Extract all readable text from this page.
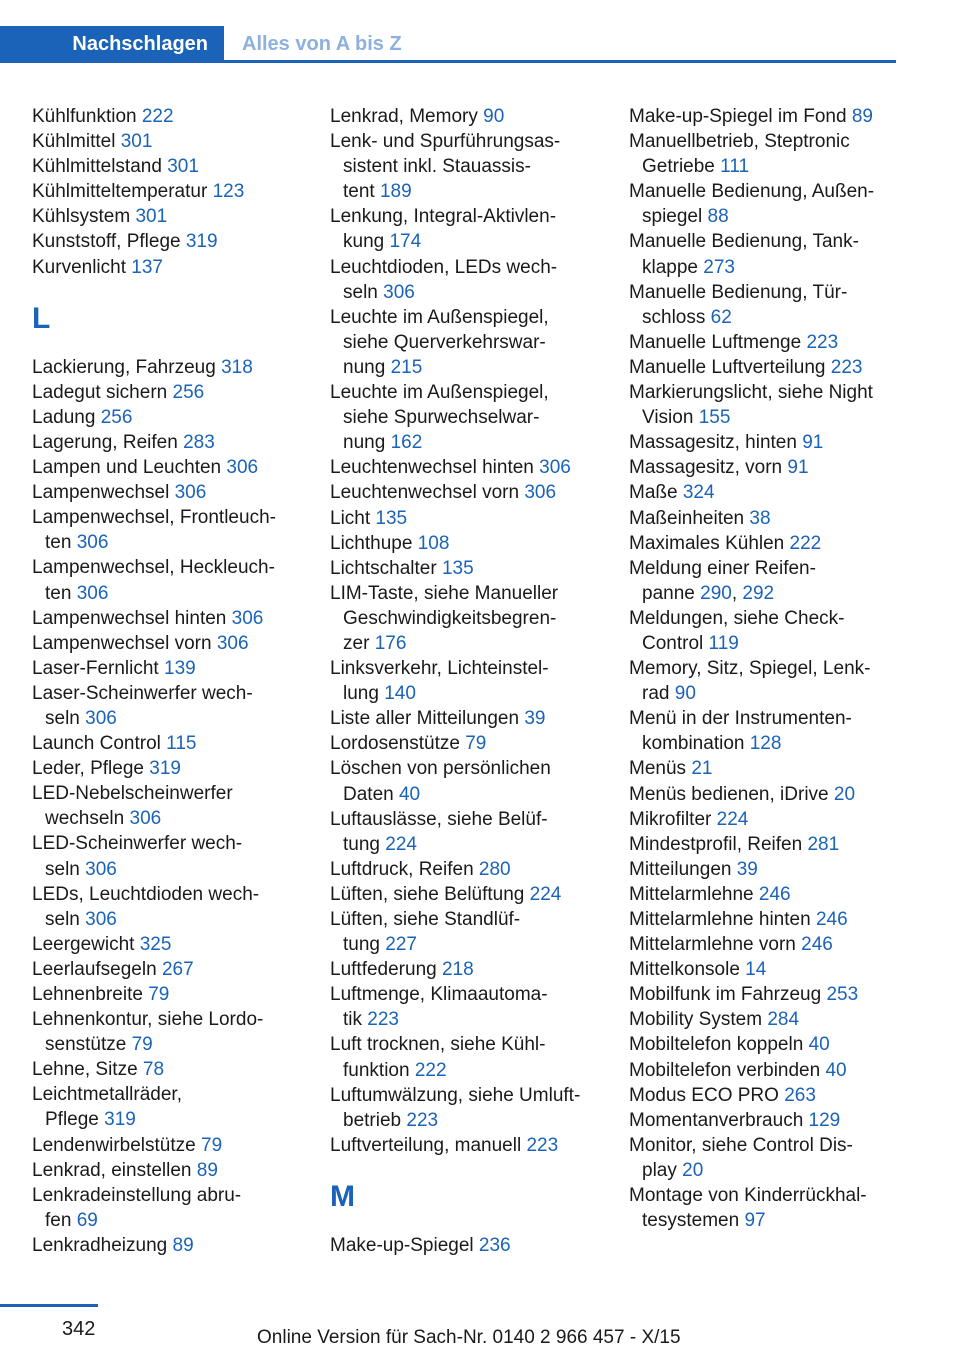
Nachschlagen Alles von A bis Z
Kühlfunktion 222
Kühlmittel 301
Kühlmittelstand 301
Kühlmitteltemperatur 123
Kühlsystem 301
Kunststoff, Pflege 319
Kurvenlicht 137
L
Lackierung, Fahrzeug 318
Ladegut sichern 256
Ladung 256
Lagerung, Reifen 283
Lampen und Leuchten 306
Lampenwechsel 306
Lampenwechsel, Frontleuch-
ten 306
Lampenwechsel, Heckleuch-
ten 306
Lampenwechsel hinten 306
Lampenwechsel vorn 306
Laser-Fernlicht 139
Laser-Scheinwerfer wech-
seln 306
Launch Control 115
Leder, Pflege 319
LED-Nebelscheinwerfer
wechseln 306
LED-Scheinwerfer wech-
seln 306
LEDs, Leuchtdioden wech-
seln 306
Leergewicht 325
Leerlaufsegeln 267
Lehnenbreite 79
Lehnenkontur, siehe Lordo-
senstütze 79
Lehne, Sitze 78
Leichtmetallräder,
Pflege 319
Lendenwirbelstütze 79
Lenkrad, einstellen 89
Lenkradeinstellung abru-
fen 69
Lenkradheizung 89
Lenkrad, Memory 90
Lenk- und Spurführungsas-
sistent inkl. Stauassis-
tent 189
Lenkung, Integral-Aktivlen-
kung 174
Leuchtdioden, LEDs wech-
seln 306
Leuchte im Außenspiegel,
siehe Querverkehrswar-
nung 215
Leuchte im Außenspiegel,
siehe Spurwechselwar-
nung 162
Leuchtenwechsel hinten 306
Leuchtenwechsel vorn 306
Licht 135
Lichthupe 108
Lichtschalter 135
LIM-Taste, siehe Manueller
Geschwindigkeitsbegren-
zer 176
Linksverkehr, Lichteinstel-
lung 140
Liste aller Mitteilungen 39
Lordosenstütze 79
Löschen von persönlichen
Daten 40
Luftauslässe, siehe Belüf-
tung 224
Luftdruck, Reifen 280
Lüften, siehe Belüftung 224
Lüften, siehe Standlüf-
tung 227
Luftfederung 218
Luftmenge, Klimaautoma-
tik 223
Luft trocknen, siehe Kühl-
funktion 222
Luftumwälzung, siehe Umluft-
betrieb 223
Luftverteilung, manuell 223
M
Make-up-Spiegel 236
Make-up-Spiegel im Fond 89
Manuellbetrieb, Steptronic
Getriebe 111
Manuelle Bedienung, Außen-
spiegel 88
Manuelle Bedienung, Tank-
klappe 273
Manuelle Bedienung, Tür-
schloss 62
Manuelle Luftmenge 223
Manuelle Luftverteilung 223
Markierungslicht, siehe Night
Vision 155
Massagesitz, hinten 91
Massagesitz, vorn 91
Maße 324
Maßeinheiten 38
Maximales Kühlen 222
Meldung einer Reifen-
panne 290, 292
Meldungen, siehe Check-
Control 119
Memory, Sitz, Spiegel, Lenk-
rad 90
Menü in der Instrumenten-
kombination 128
Menüs 21
Menüs bedienen, iDrive 20
Mikrofilter 224
Mindestprofil, Reifen 281
Mitteilungen 39
Mittelarmlehne 246
Mittelarmlehne hinten 246
Mittelarmlehne vorn 246
Mittelkonsole 14
Mobilfunk im Fahrzeug 253
Mobility System 284
Mobiltelefon koppeln 40
Mobiltelefon verbinden 40
Modus ECO PRO 263
Momentanverbrauch 129
Monitor, siehe Control Dis-
play 20
Montage von Kinderrückhal-
tesystemen 97
342	Online Version für Sach-Nr. 0140 2 966 457 - X/15
